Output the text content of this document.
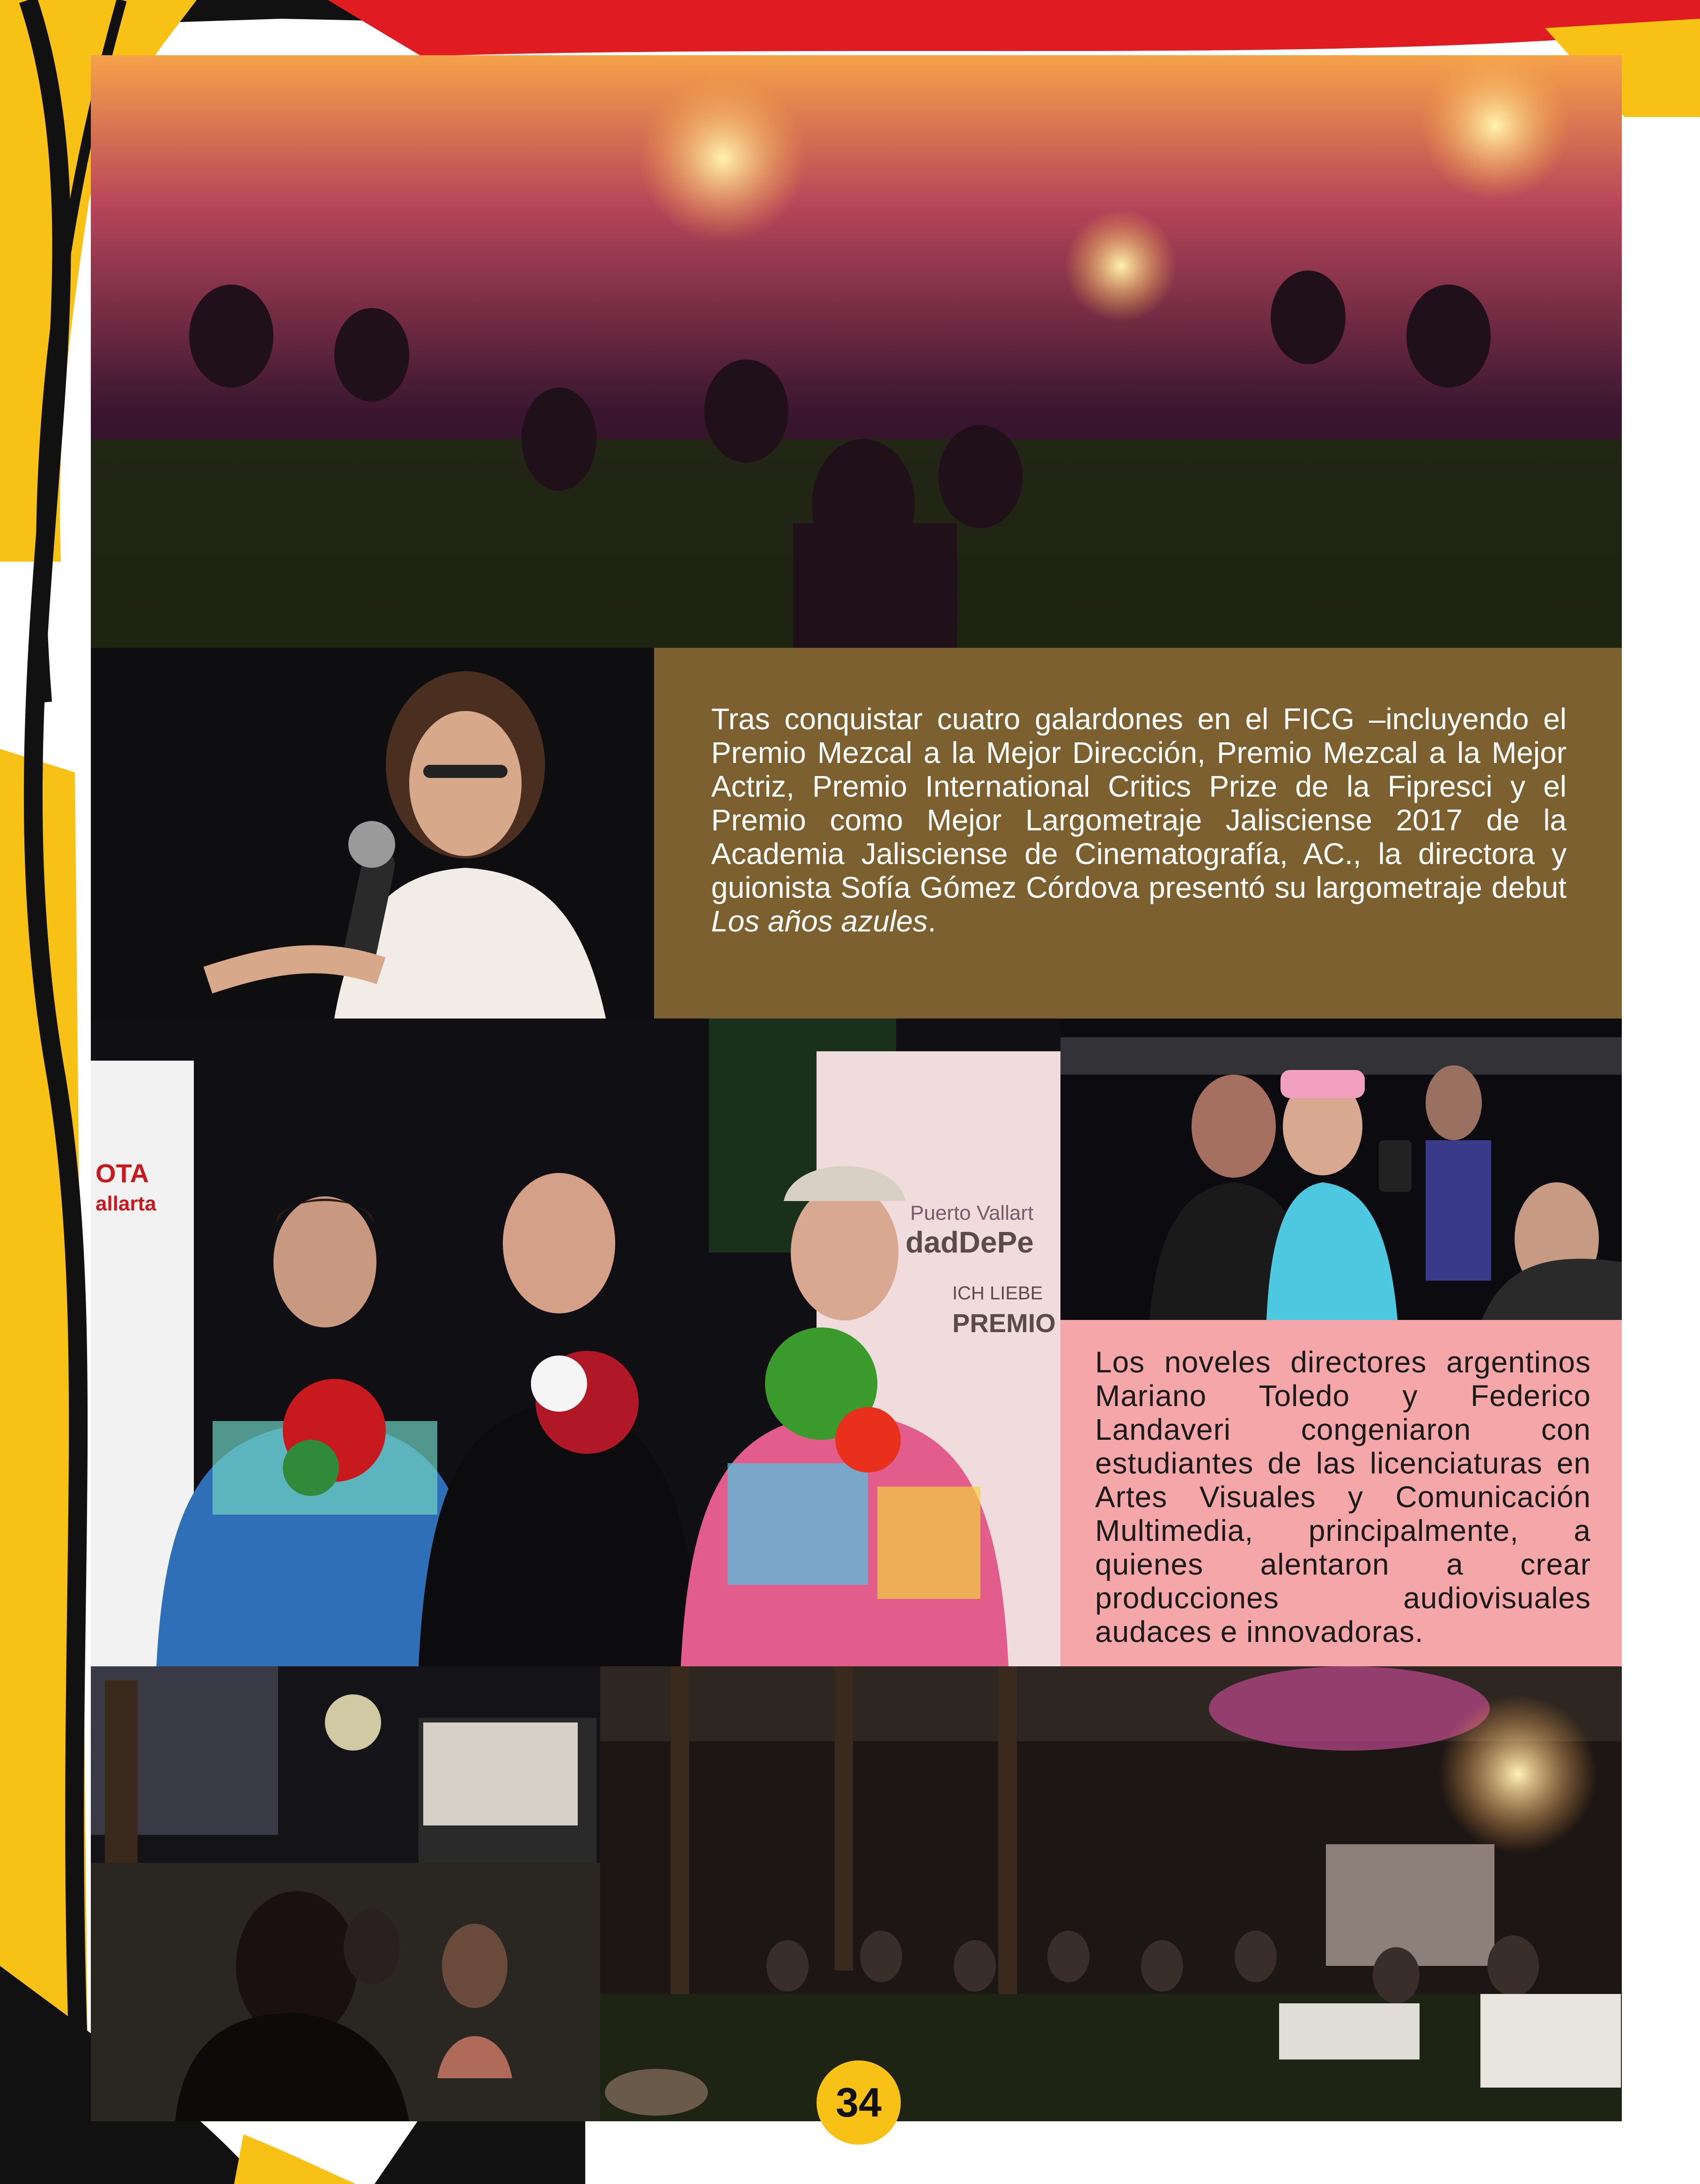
Tras conquistar cuatro galardones en el FICG –incluyendo el Premio Mezcal a la Mejor Dirección, Premio Mezcal a la Mejor Actriz, Premio International Critics Prize de la Fipresci y el Premio como Mejor Largometraje Jalisciense 2017 de la Academia Jalisciense de Cinematografía, AC., la directora y guionista Sofía Gómez Córdova presentó su largometraje debut Los años azules.
OTA
allarta	Puerto Vallart
dadDePe
ICH LIEBE
PREMIO
Los noveles directores argentinos Mariano Toledo y Federico Landaveri congeniaron con estudiantes de las licenciaturas en Artes Visuales y Comunicación Multimedia, principalmente, a quienes alentaron a crear producciones audiovisuales audaces e innovadoras.
34
